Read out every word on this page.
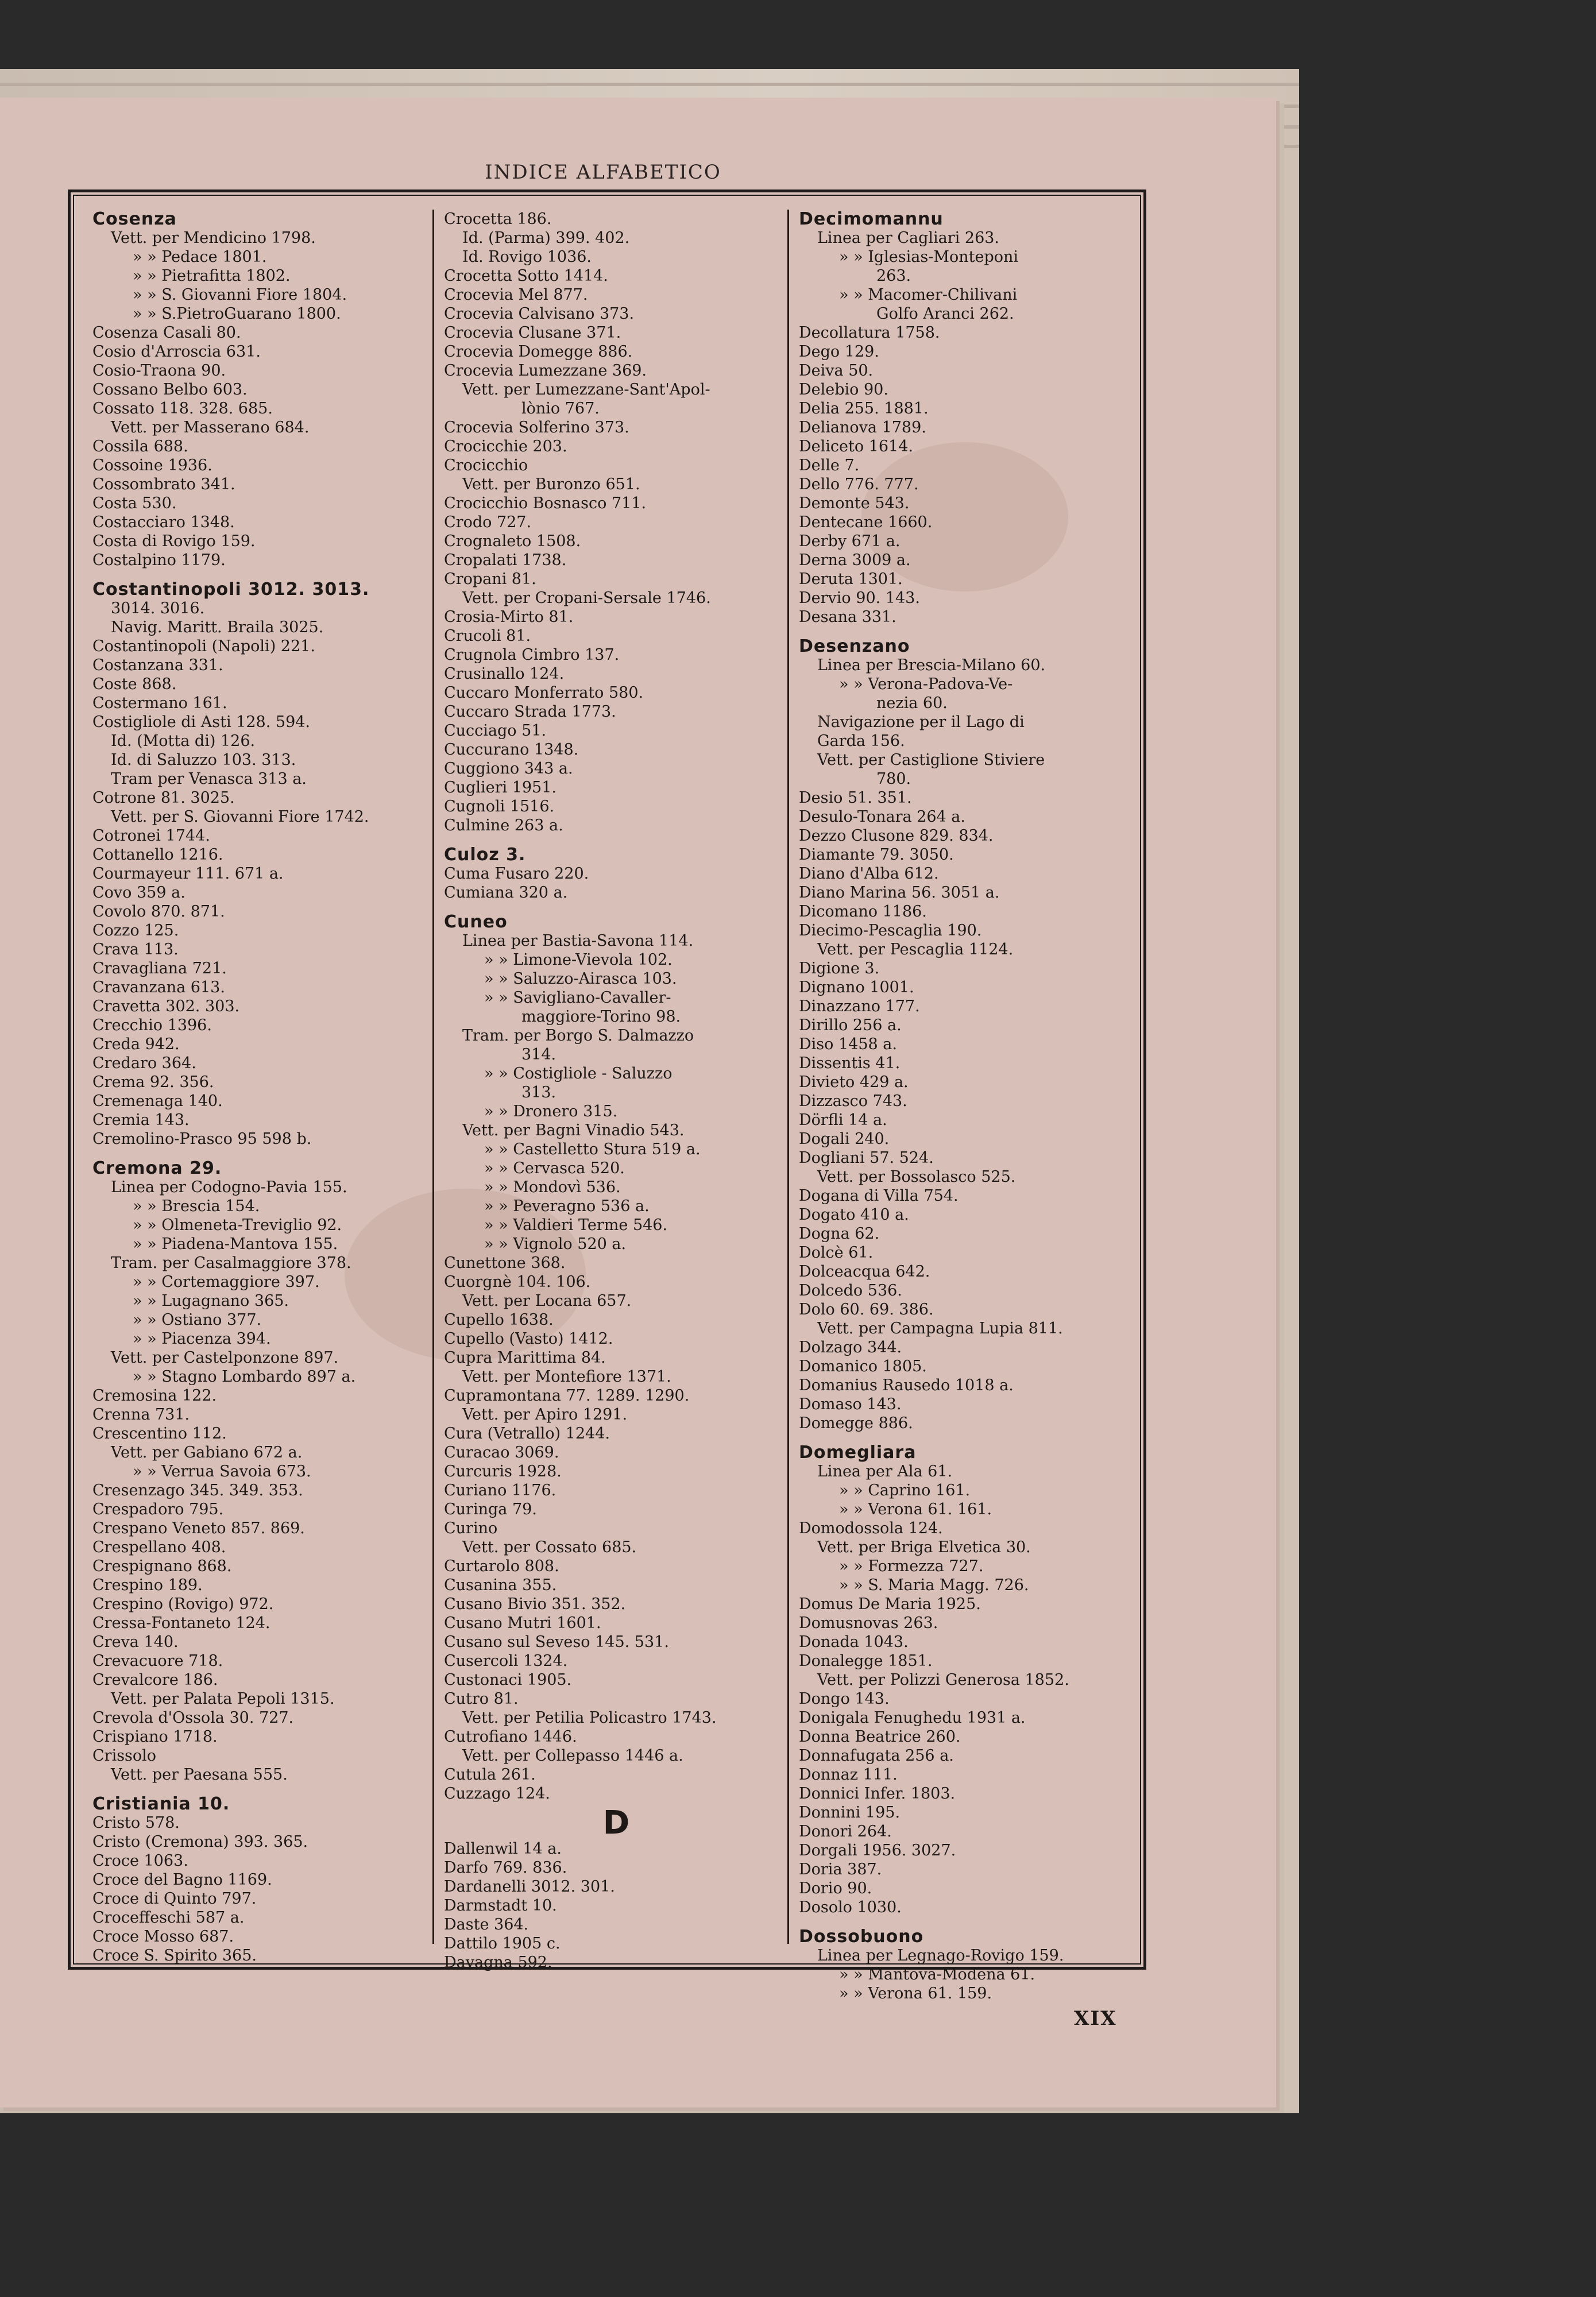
INDICE ALFABETICO
Cosenza
Vett. per Mendicino 1798.
» » Pedace 1801.
» » Pietrafitta 1802.
» » S. Giovanni Fiore 1804.
» » S.PietroGuarano 1800.
Cosenza Casali 80.
Cosio d'Arroscia 631.
Cosio-Traona 90.
Cossano Belbo 603.
Cossato 118. 328. 685.
Vett. per Masserano 684.
Cossila 688.
Cossoine 1936.
Cossombrato 341.
Costa 530.
Costacciaro 1348.
Costa di Rovigo 159.
Costalpino 1179.
Costantinopoli 3012. 3013.
3014. 3016.
Navig. Maritt. Braila 3025.
Costantinopoli (Napoli) 221.
Costanzana 331.
Coste 868.
Costermano 161.
Costigliole di Asti 128. 594.
Id. (Motta di) 126.
Id. di Saluzzo 103. 313.
Tram per Venasca 313 a.
Cotrone 81. 3025.
Vett. per S. Giovanni Fiore 1742.
Cotronei 1744.
Cottanello 1216.
Courmayeur 111. 671 a.
Covo 359 a.
Covolo 870. 871.
Cozzo 125.
Crava 113.
Cravagliana 721.
Cravanzana 613.
Cravetta 302. 303.
Crecchio 1396.
Creda 942.
Credaro 364.
Crema 92. 356.
Cremenaga 140.
Cremia 143.
Cremolino-Prasco 95 598 b.
Cremona 29.
Linea per Codogno-Pavia 155.
» » Brescia 154.
» » Olmeneta-Treviglio 92.
» » Piadena-Mantova 155.
Tram. per Casalmaggiore 378.
» » Cortemaggiore 397.
» » Lugagnano 365.
» » Ostiano 377.
» » Piacenza 394.
Vett. per Castelponzone 897.
» » Stagno Lombardo 897 a.
Cremosina 122.
Crenna 731.
Crescentino 112.
Vett. per Gabiano 672 a.
» » Verrua Savoia 673.
Cresenzago 345. 349. 353.
Crespadoro 795.
Crespano Veneto 857. 869.
Crespellano 408.
Crespignano 868.
Crespino 189.
Crespino (Rovigo) 972.
Cressa-Fontaneto 124.
Creva 140.
Crevacuore 718.
Crevalcore 186.
Vett. per Palata Pepoli 1315.
Crevola d'Ossola 30. 727.
Crispiano 1718.
Crissolo
Vett. per Paesana 555.
Cristiania 10.
Cristo 578.
Cristo (Cremona) 393. 365.
Croce 1063.
Croce del Bagno 1169.
Croce di Quinto 797.
Croceffeschi 587 a.
Croce Mosso 687.
Croce S. Spirito 365.
Crocetta 186.
Id. (Parma) 399. 402.
Id. Rovigo 1036.
Crocetta Sotto 1414.
Crocevia Mel 877.
Crocevia Calvisano 373.
Crocevia Clusane 371.
Crocevia Domegge 886.
Crocevia Lumezzane 369.
Vett. per Lumezzane-Sant'Apol-
lònio 767.
Crocevia Solferino 373.
Crocicchie 203.
Crocicchio
Vett. per Buronzo 651.
Crocicchio Bosnasco 711.
Crodo 727.
Crognaleto 1508.
Cropalati 1738.
Cropani 81.
Vett. per Cropani-Sersale 1746.
Crosia-Mirto 81.
Crucoli 81.
Crugnola Cimbro 137.
Crusinallo 124.
Cuccaro Monferrato 580.
Cuccaro Strada 1773.
Cucciago 51.
Cuccurano 1348.
Cuggiono 343 a.
Cuglieri 1951.
Cugnoli 1516.
Culmine 263 a.
Culoz 3.
Cuma Fusaro 220.
Cumiana 320 a.
Cuneo
Linea per Bastia-Savona 114.
» » Limone-Vievola 102.
» » Saluzzo-Airasca 103.
» » Savigliano-Cavaller-
maggiore-Torino 98.
Tram. per Borgo S. Dalmazzo
314.
» » Costigliole - Saluzzo
313.
» » Dronero 315.
Vett. per Bagni Vinadio 543.
» » Castelletto Stura 519 a.
» » Cervasca 520.
» » Mondovì 536.
» » Peveragno 536 a.
» » Valdieri Terme 546.
» » Vignolo 520 a.
Cunettone 368.
Cuorgnè 104. 106.
Vett. per Locana 657.
Cupello 1638.
Cupello (Vasto) 1412.
Cupra Marittima 84.
Vett. per Montefiore 1371.
Cupramontana 77. 1289. 1290.
Vett. per Apiro 1291.
Cura (Vetrallo) 1244.
Curacao 3069.
Curcuris 1928.
Curiano 1176.
Curinga 79.
Curino
Vett. per Cossato 685.
Curtarolo 808.
Cusanina 355.
Cusano Bivio 351. 352.
Cusano Mutri 1601.
Cusano sul Seveso 145. 531.
Cusercoli 1324.
Custonaci 1905.
Cutro 81.
Vett. per Petilia Policastro 1743.
Cutrofiano 1446.
Vett. per Collepasso 1446 a.
Cutula 261.
Cuzzago 124.
D
Dallenwil 14 a.
Darfo 769. 836.
Dardanelli 3012. 301.
Darmstadt 10.
Daste 364.
Dattilo 1905 c.
Davagna 592.
Decimomannu
Linea per Cagliari 263.
» » Iglesias-Monteponi
263.
» » Macomer-Chilivani
Golfo Aranci 262.
Decollatura 1758.
Dego 129.
Deiva 50.
Delebio 90.
Delia 255. 1881.
Delianova 1789.
Deliceto 1614.
Delle 7.
Dello 776. 777.
Demonte 543.
Dentecane 1660.
Derby 671 a.
Derna 3009 a.
Deruta 1301.
Dervio 90. 143.
Desana 331.
Desenzano
Linea per Brescia-Milano 60.
» » Verona-Padova-Ve-
nezia 60.
Navigazione per il Lago di
Garda 156.
Vett. per Castiglione Stiviere
780.
Desio 51. 351.
Desulo-Tonara 264 a.
Dezzo Clusone 829. 834.
Diamante 79. 3050.
Diano d'Alba 612.
Diano Marina 56. 3051 a.
Dicomano 1186.
Diecimo-Pescaglia 190.
Vett. per Pescaglia 1124.
Digione 3.
Dignano 1001.
Dinazzano 177.
Dirillo 256 a.
Diso 1458 a.
Dissentis 41.
Divieto 429 a.
Dizzasco 743.
Dörfli 14 a.
Dogali 240.
Dogliani 57. 524.
Vett. per Bossolasco 525.
Dogana di Villa 754.
Dogato 410 a.
Dogna 62.
Dolcè 61.
Dolceacqua 642.
Dolcedo 536.
Dolo 60. 69. 386.
Vett. per Campagna Lupia 811.
Dolzago 344.
Domanico 1805.
Domanius Rausedo 1018 a.
Domaso 143.
Domegge 886.
Domegliara
Linea per Ala 61.
» » Caprino 161.
» » Verona 61. 161.
Domodossola 124.
Vett. per Briga Elvetica 30.
» » Formezza 727.
» » S. Maria Magg. 726.
Domus De Maria 1925.
Domusnovas 263.
Donada 1043.
Donalegge 1851.
Vett. per Polizzi Generosa 1852.
Dongo 143.
Donigala Fenughedu 1931 a.
Donna Beatrice 260.
Donnafugata 256 a.
Donnaz 111.
Donnici Infer. 1803.
Donnini 195.
Donori 264.
Dorgali 1956. 3027.
Doria 387.
Dorio 90.
Dosolo 1030.
Dossobuono
Linea per Legnago-Rovigo 159.
» » Mantova-Modena 61.
» » Verona 61. 159.
XIX
